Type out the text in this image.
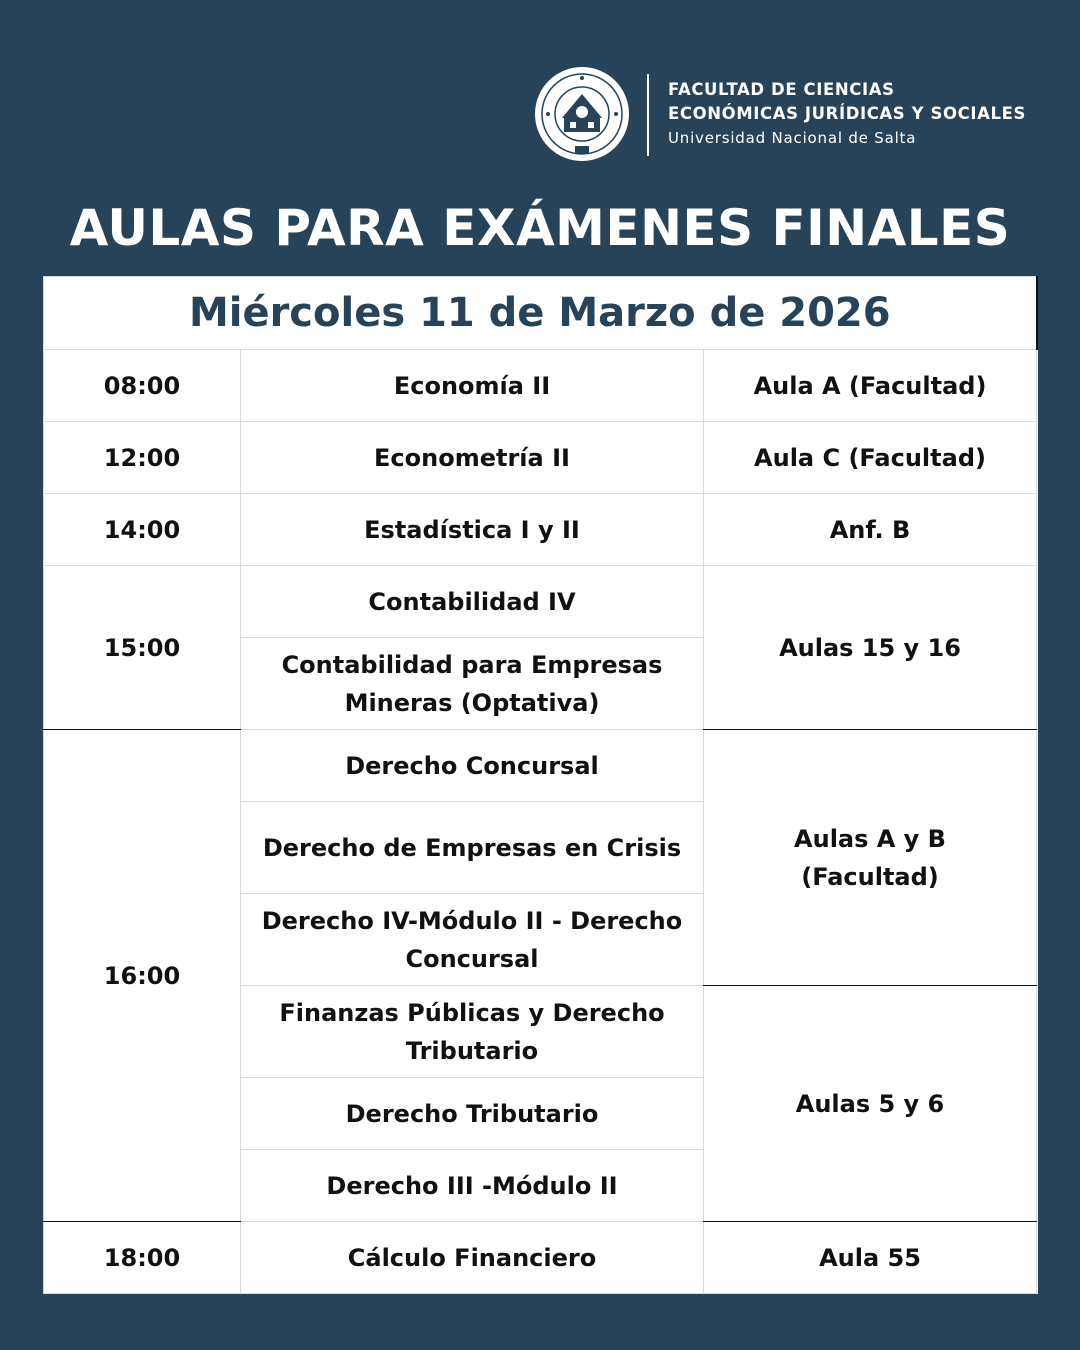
FACULTAD DE CIENCIAS
ECONÓMICAS JURÍDICAS Y SOCIALES
Universidad Nacional de Salta
AULAS PARA EXÁMENES FINALES
Miércoles 11 de Marzo de 2026		
08:00	Economía II	Aula A (Facultad)
12:00	Econometría II	Aula C (Facultad)
14:00	Estadística I y II	Anf. B
15:00	Contabilidad IV	Aulas 15 y 16
	Contabilidad para Empresas Mineras (Optativa)	
16:00	Derecho Concursal	Aulas A y B (Facultad)
	Derecho de Empresas en Crisis	
	Derecho IV-Módulo II - Derecho Concursal	
	Finanzas Públicas y Derecho Tributario	Aulas 5 y 6
	Derecho Tributario	
	Derecho III -Módulo II	
18:00	Cálculo Financiero	Aula 55
